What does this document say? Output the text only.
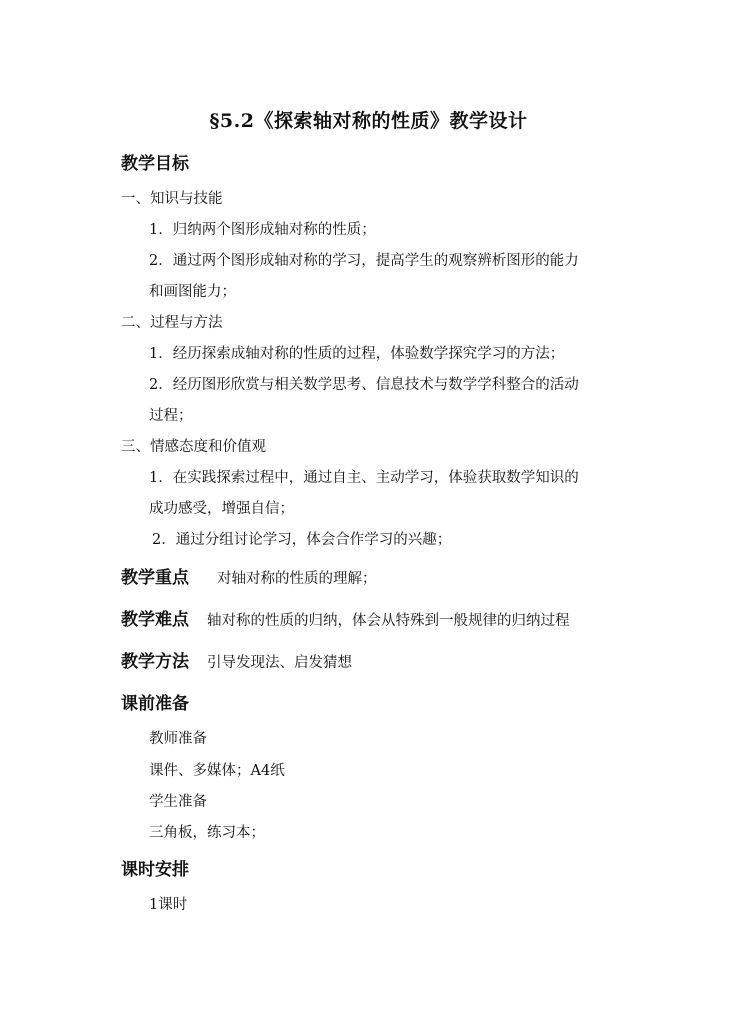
§5.2《探索轴对称的性质》教学设计
教学目标
一、知识与技能
1．归纳两个图形成轴对称的性质；
2．通过两个图形成轴对称的学习，提高学生的观察辨析图形的能力
和画图能力；
二、过程与方法
1．经历探索成轴对称的性质的过程，体验数学探究学习的方法；
2．经历图形欣赏与相关数学思考、信息技术与数学学科整合的活动
过程；
三、情感态度和价值观
1．在实践探索过程中，通过自主、主动学习，体验获取数学知识的
成功感受，增强自信；
2．通过分组讨论学习，体会合作学习的兴趣；
教学重点 对轴对称的性质的理解；
教学难点 轴对称的性质的归纳，体会从特殊到一般规律的归纳过程
教学方法 引导发现法、启发猜想
课前准备
教师准备
课件、多媒体；A4纸
学生准备
三角板，练习本；
课时安排
1课时
